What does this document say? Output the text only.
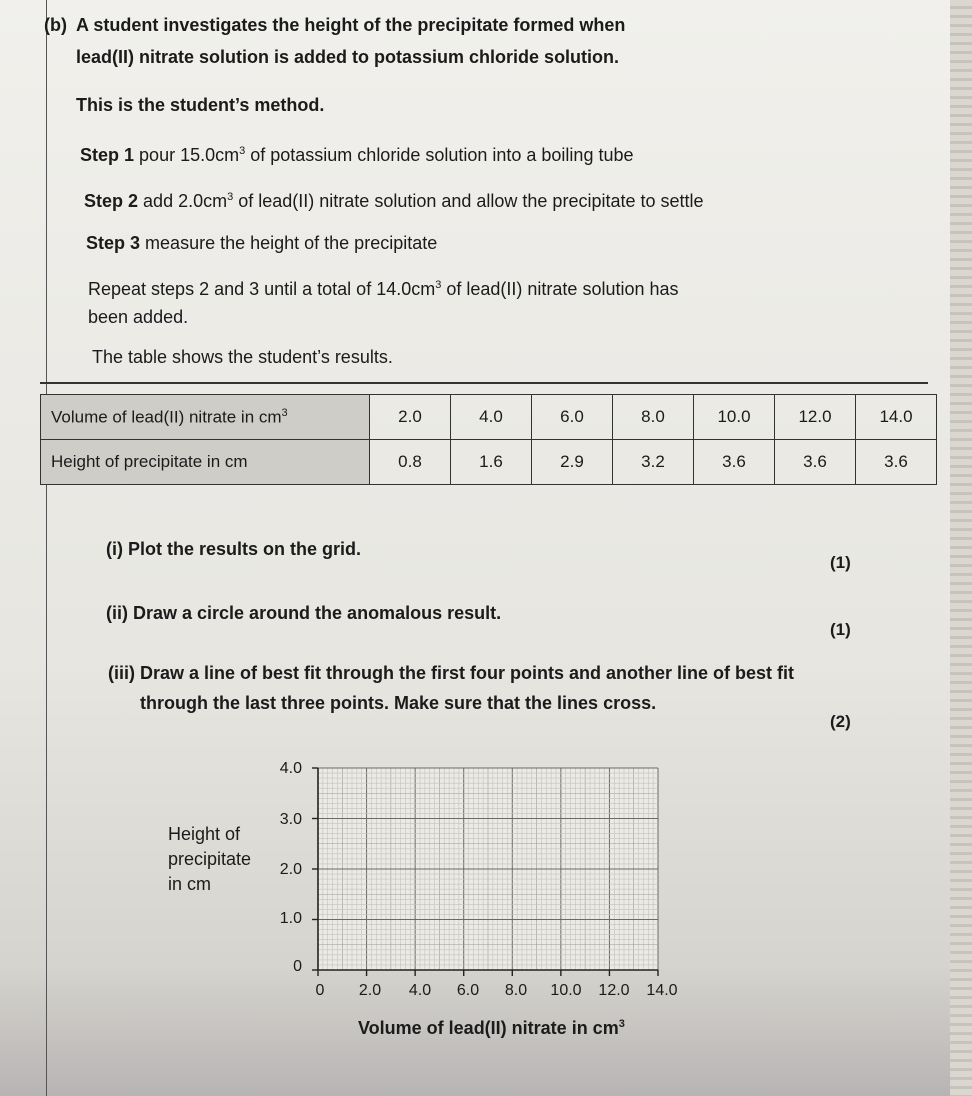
(b) A student investigates the height of the precipitate formed when
lead(II) nitrate solution is added to potassium chloride solution.
This is the student’s method.
Step 1 pour $15.0cm^3$ of potassium chloride solution into a boiling tube
Step 2 add $2.0cm^3$ of lead(II) nitrate solution and allow the precipitate to settle
Step 3 measure the height of the precipitate
Repeat steps 2 and 3 until a total of $14.0cm^3$ of lead(II) nitrate solution has
been added.
The table shows the student’s results.
Volume of lead(II) nitrate in $cm^3$	2.0	4.0	6.0	8.0	10.0	12.0	14.0
Height of precipitate in cm	0.8	1.6	2.9	3.2	3.6	3.6	3.6
(i) Plot the results on the grid.
(1)
(ii) Draw a circle around the anomalous result.
(1)
(iii) Draw a line of best fit through the first four points and another line of best fit
through the last three points. Make sure that the lines cross.
(2)
Height of
precipitate
in cm
4.0
3.0
2.0
1.0
0
0	2.0	4.0	6.0	8.0	10.0	12.0	14.0
Volume of lead(II) nitrate in $cm^3$
